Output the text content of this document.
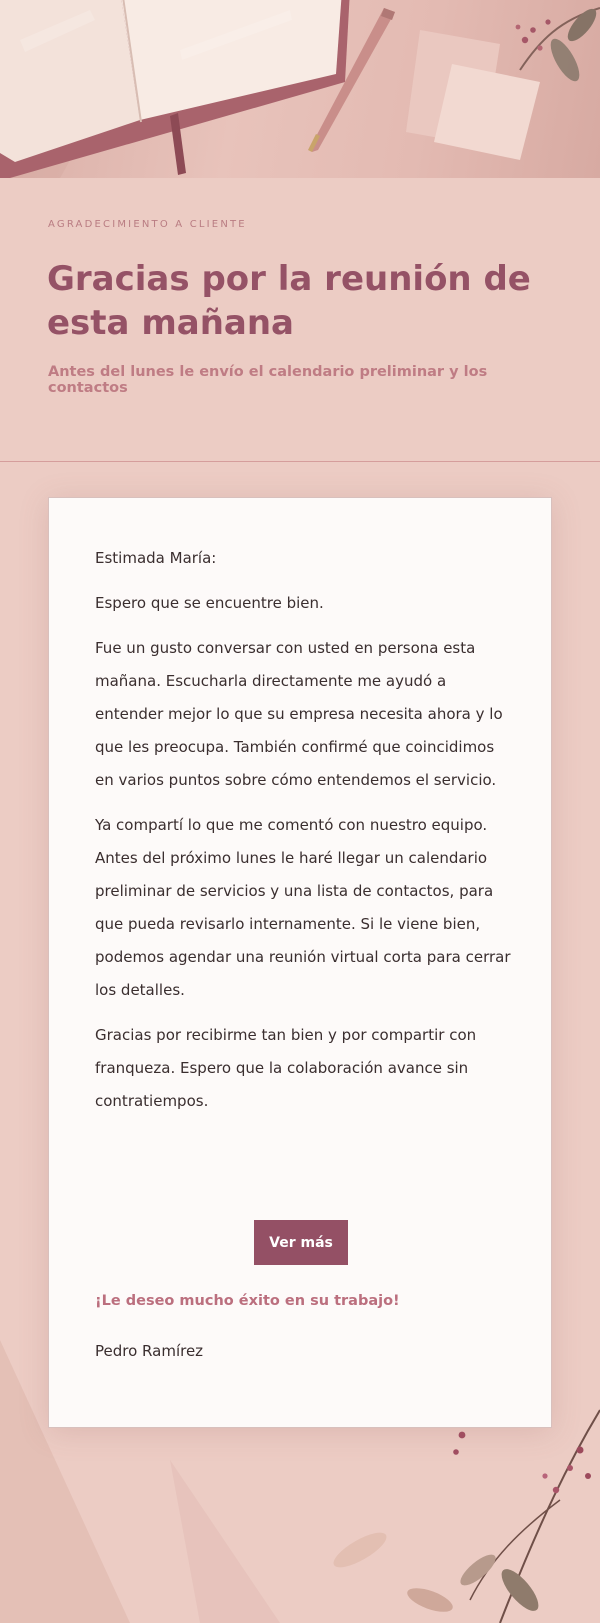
AGRADECIMIENTO A CLIENTE
Gracias por la reunión de esta mañana
Antes del lunes le envío el calendario preliminar y los contactos

Estimada María:

Espero que se encuentre bien.

Fue un gusto conversar con usted en persona esta mañana. Escucharla directamente me ayudó a entender mejor lo que su empresa necesita ahora y lo que les preocupa. También confirmé que coincidimos en varios puntos sobre cómo entendemos el servicio.

Ya compartí lo que me comentó con nuestro equipo. Antes del próximo lunes le haré llegar un calendario preliminar de servicios y una lista de contactos, para que pueda revisarlo internamente. Si le viene bien, podemos agendar una reunión virtual corta para cerrar los detalles.

Gracias por recibirme tan bien y por compartir con franqueza. Espero que la colaboración avance sin contratiempos.

Ver más
¡Le deseo mucho éxito en su trabajo!
Pedro Ramírez
